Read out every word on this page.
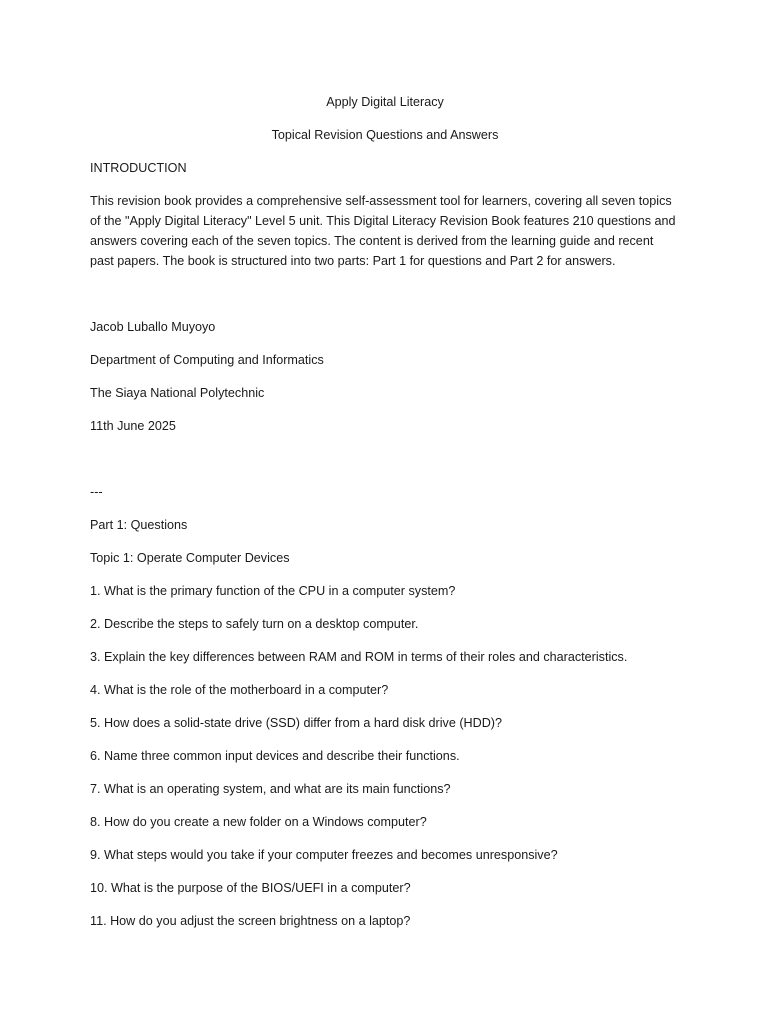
Apply Digital Literacy

Topical Revision Questions and Answers

INTRODUCTION

This revision book provides a comprehensive self-assessment tool for learners, covering all seven topics of the "Apply Digital Literacy" Level 5 unit. This Digital Literacy Revision Book features 210 questions and answers covering each of the seven topics. The content is derived from the learning guide and recent past papers. The book is structured into two parts: Part 1 for questions and Part 2 for answers.

Jacob Luballo Muyoyo

Department of Computing and Informatics

The Siaya National Polytechnic

11th June 2025

---

Part 1: Questions

Topic 1: Operate Computer Devices

1. What is the primary function of the CPU in a computer system?

2. Describe the steps to safely turn on a desktop computer.

3. Explain the key differences between RAM and ROM in terms of their roles and characteristics.

4. What is the role of the motherboard in a computer?

5. How does a solid-state drive (SSD) differ from a hard disk drive (HDD)?

6. Name three common input devices and describe their functions.

7. What is an operating system, and what are its main functions?

8. How do you create a new folder on a Windows computer?

9. What steps would you take if your computer freezes and becomes unresponsive?

10. What is the purpose of the BIOS/UEFI in a computer?

11. How do you adjust the screen brightness on a laptop?
